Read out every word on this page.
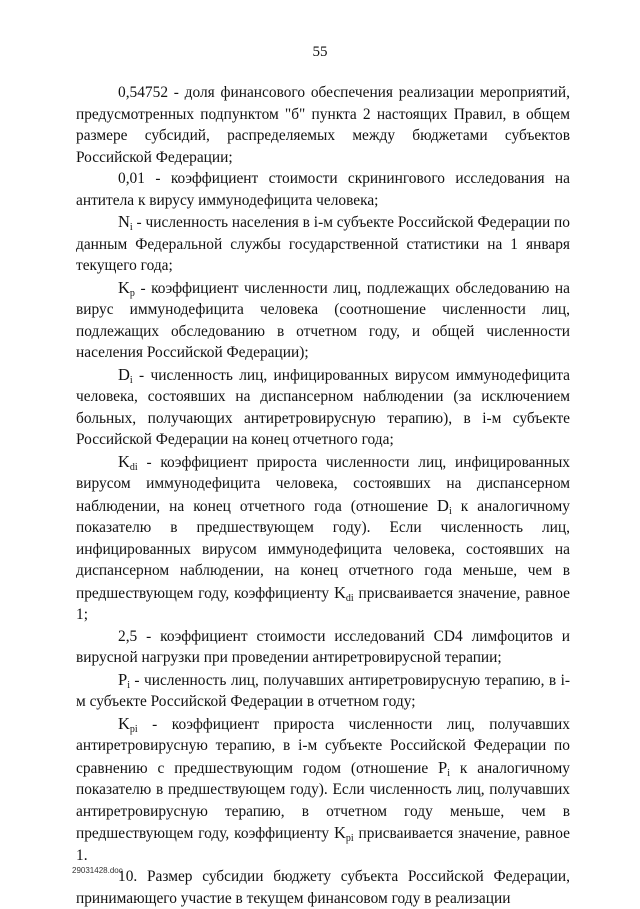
55

0,54752 - доля финансового обеспечения реализации мероприятий, предусмотренных подпунктом "б" пункта 2 настоящих Правил, в общем размере субсидий, распределяемых между бюджетами субъектов Российской Федерации;

0,01 - коэффициент стоимости скринингового исследования на антитела к вирусу иммунодефицита человека;

$N_i$ - численность населения в i-м субъекте Российской Федерации по данным Федеральной службы государственной статистики на 1 января текущего года;

$K_p$ - коэффициент численности лиц, подлежащих обследованию на вирус иммунодефицита человека (соотношение численности лиц, подлежащих обследованию в отчетном году, и общей численности населения Российской Федерации);

$D_i$ - численность лиц, инфицированных вирусом иммунодефицита человека, состоявших на диспансерном наблюдении (за исключением больных, получающих антиретровирусную терапию), в i-м субъекте Российской Федерации на конец отчетного года;

$K_{di}$ - коэффициент прироста численности лиц, инфицированных вирусом иммунодефицита человека, состоявших на диспансерном наблюдении, на конец отчетного года (отношение $D_i$ к аналогичному показателю в предшествующем году). Если численность лиц, инфицированных вирусом иммунодефицита человека, состоявших на диспансерном наблюдении, на конец отчетного года меньше, чем в предшествующем году, коэффициенту $K_{di}$ присваивается значение, равное 1;

2,5 - коэффициент стоимости исследований CD4 лимфоцитов и вирусной нагрузки при проведении антиретровирусной терапии;

$P_i$ - численность лиц, получавших антиретровирусную терапию, в i-м субъекте Российской Федерации в отчетном году;

$K_{pi}$ - коэффициент прироста численности лиц, получавших антиретровирусную терапию, в i-м субъекте Российской Федерации по сравнению с предшествующим годом (отношение $P_i$ к аналогичному показателю в предшествующем году). Если численность лиц, получавших антиретровирусную терапию, в отчетном году меньше, чем в предшествующем году, коэффициенту $K_{pi}$ присваивается значение, равное 1.

10. Размер субсидии бюджету субъекта Российской Федерации, принимающего участие в текущем финансовом году в реализации

29031428.doc
